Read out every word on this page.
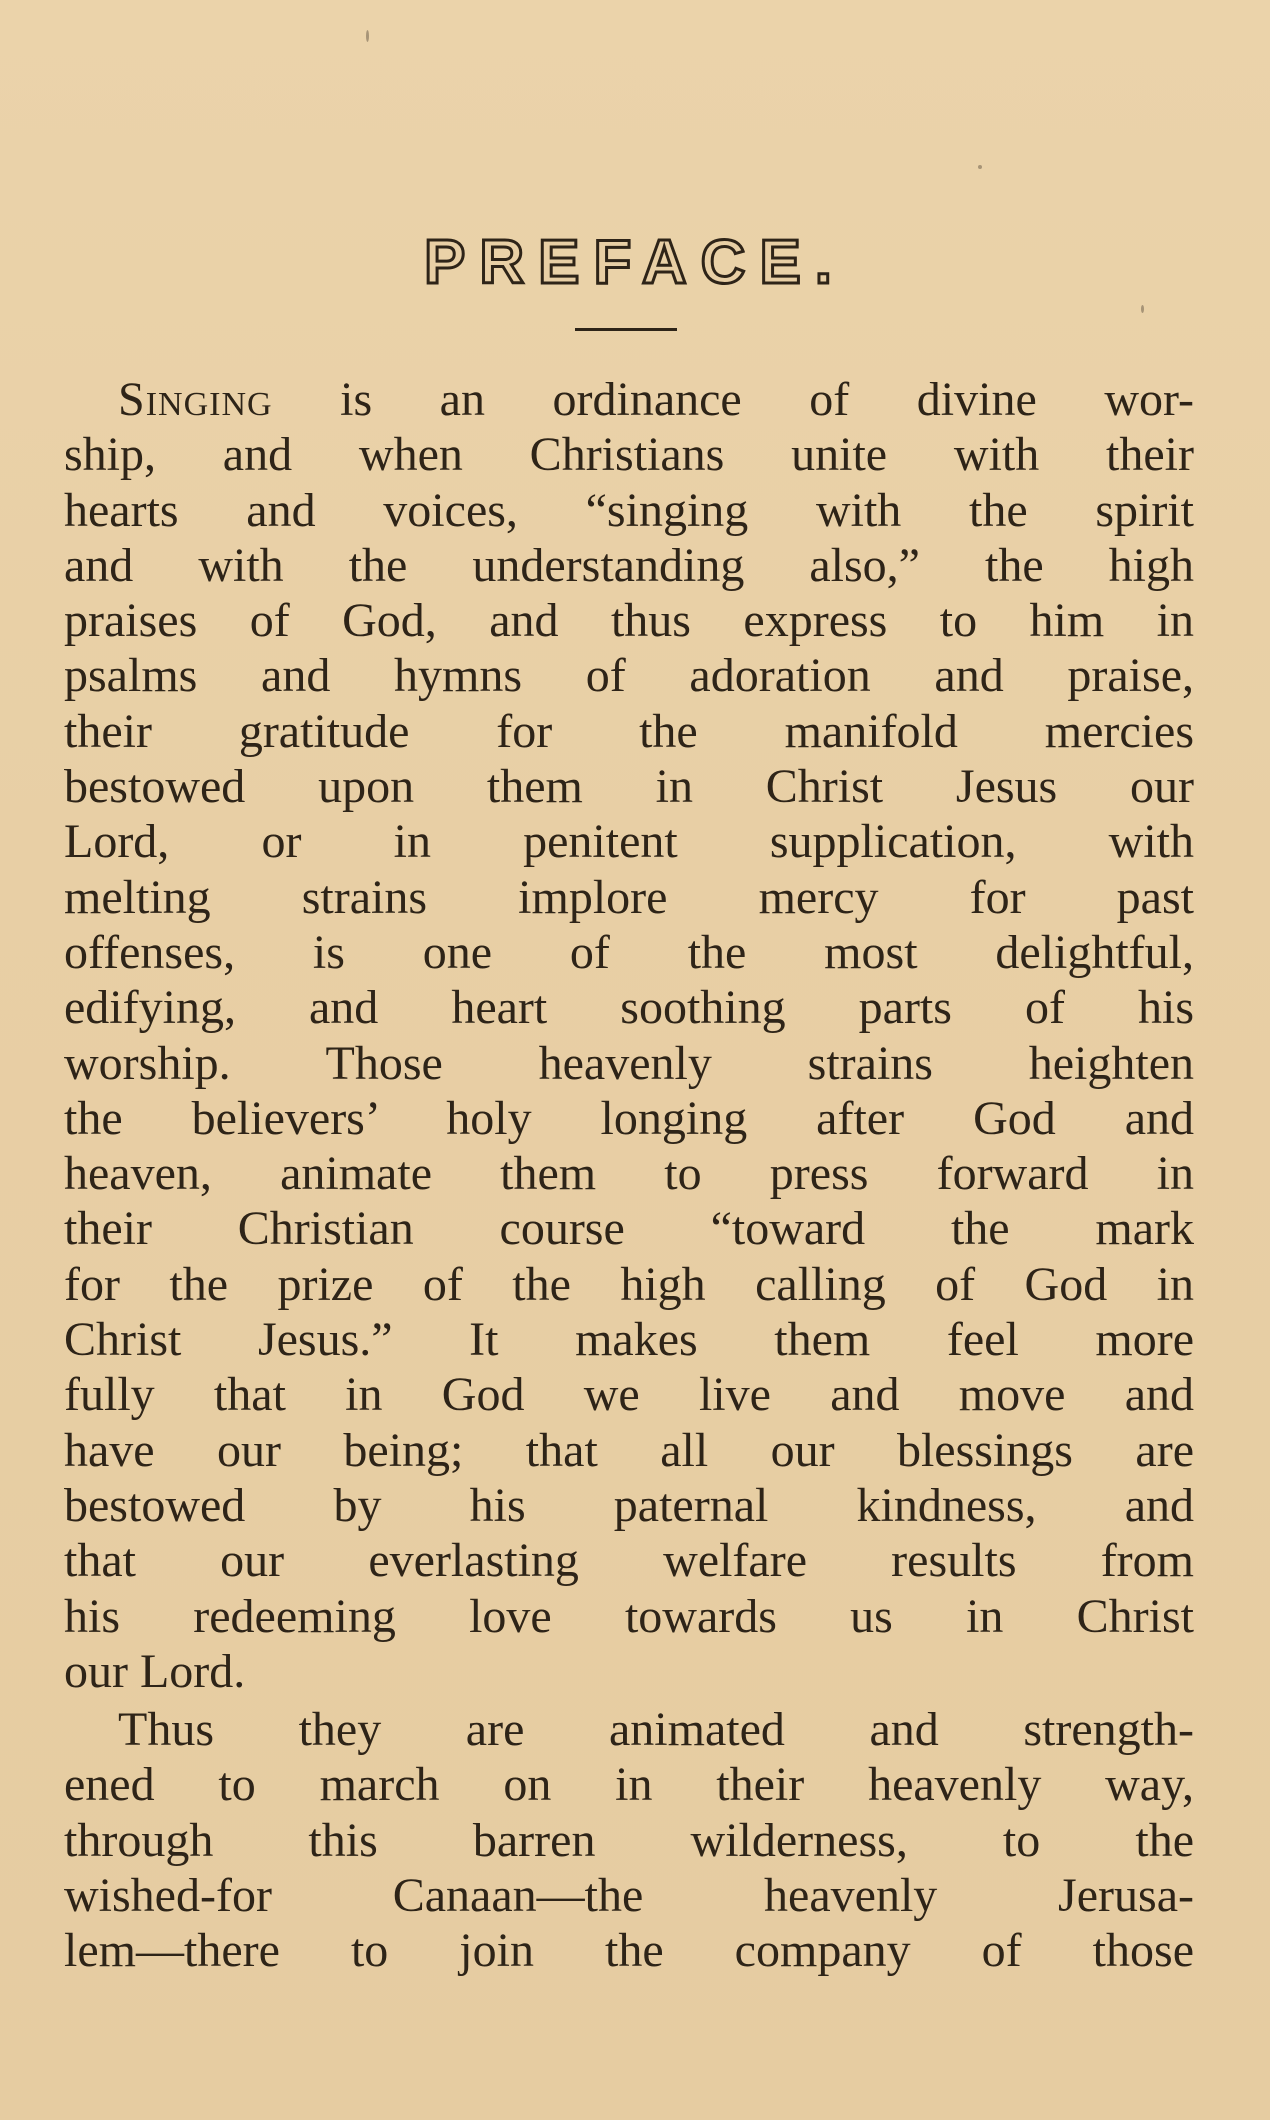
PREFACE.
Singing is an ordinance of divine wor-
ship, and when Christians unite with their
hearts and voices, “singing with the spirit
and with the understanding also,” the high
praises of God, and thus express to him in
psalms and hymns of adoration and praise,
their gratitude for the manifold mercies
bestowed upon them in Christ Jesus our
Lord, or in penitent supplication, with
melting strains implore mercy for past
offenses, is one of the most delightful,
edifying, and heart soothing parts of his
worship. Those heavenly strains heighten
the believers’ holy longing after God and
heaven, animate them to press forward in
their Christian course “toward the mark
for the prize of the high calling of God in
Christ Jesus.” It makes them feel more
fully that in God we live and move and
have our being; that all our blessings are
bestowed by his paternal kindness, and
that our everlasting welfare results from
his redeeming love towards us in Christ
our Lord.
Thus they are animated and strength-
ened to march on in their heavenly way,
through this barren wilderness, to the
wished-for Canaan—the heavenly Jerusa-
lem—there to join the company of those
